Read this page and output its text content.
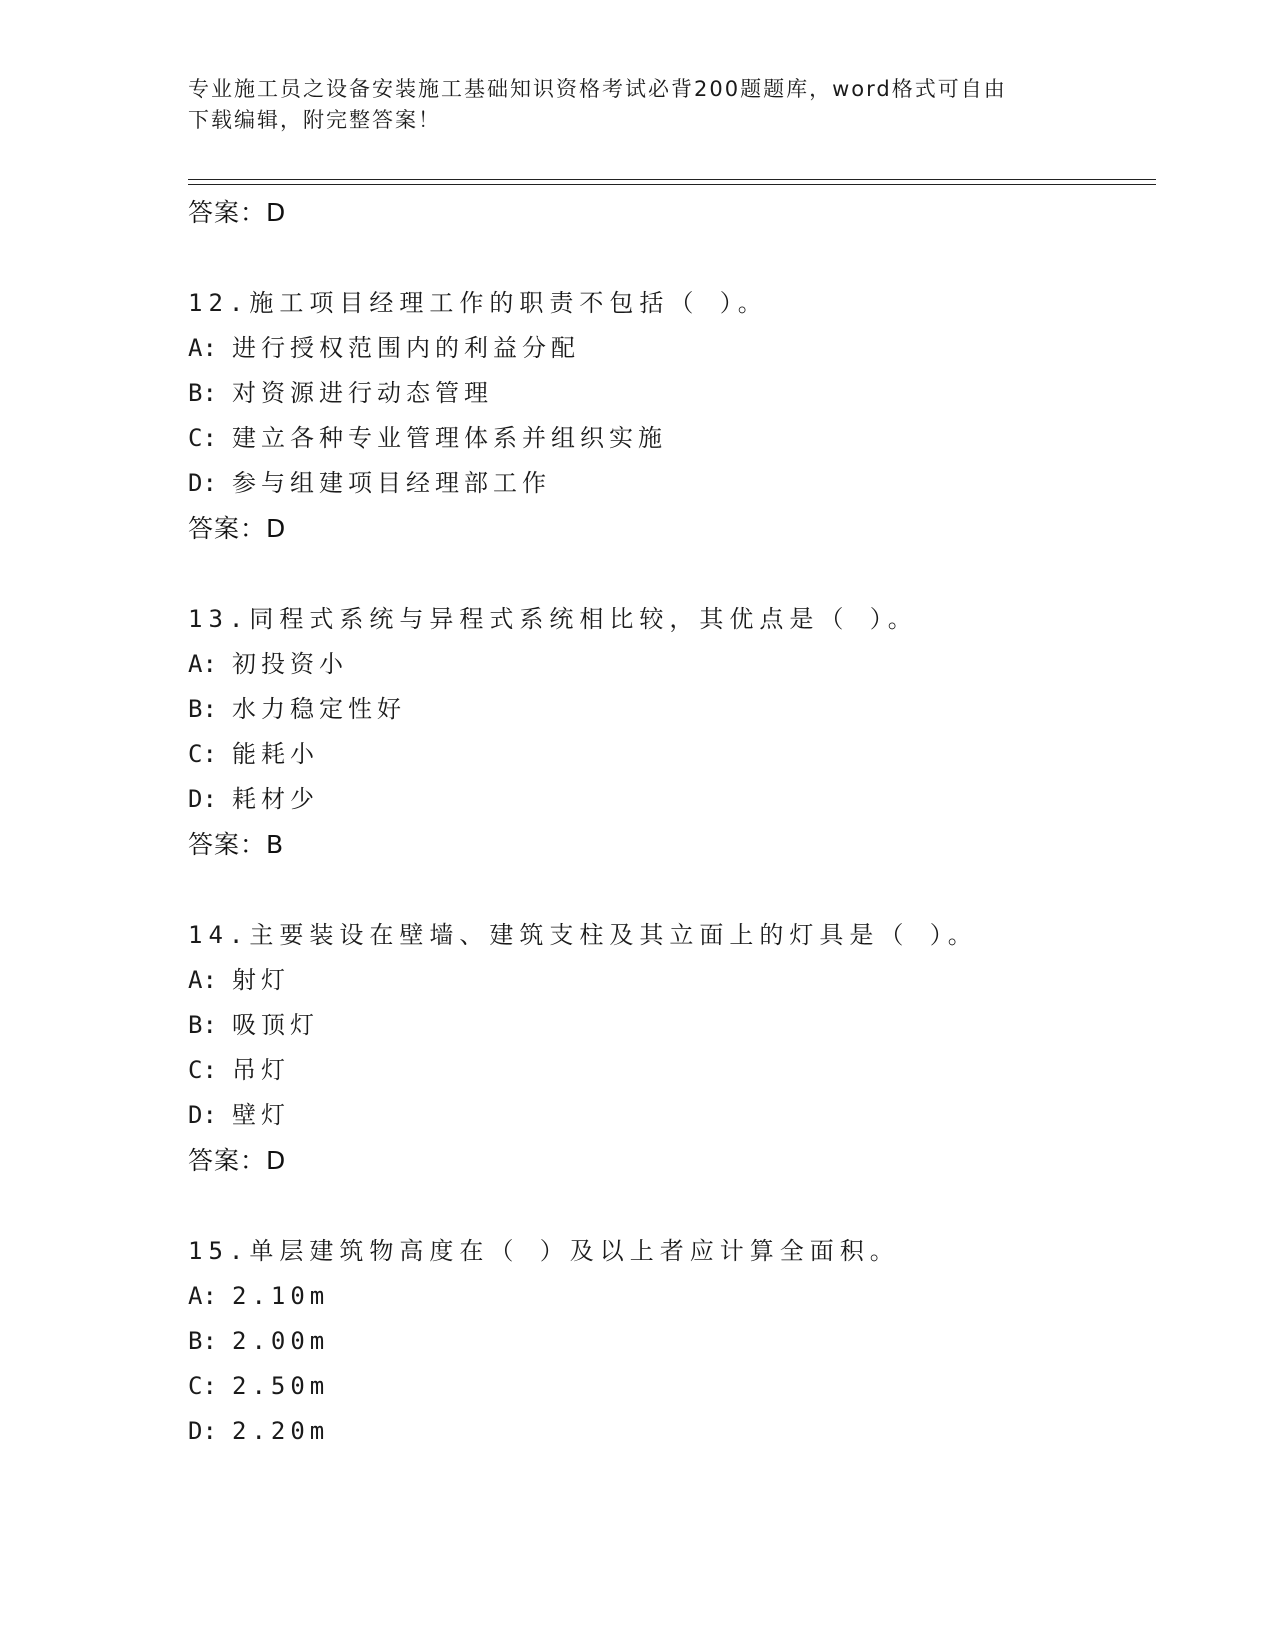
专业施工员之设备安装施工基础知识资格考试必背200题题库，word格式可自由
下载编辑，附完整答案！
答案：D
12.施工项目经理工作的职责不包括（ ）。
A: 进行授权范围内的利益分配
B: 对资源进行动态管理
C: 建立各种专业管理体系并组织实施
D: 参与组建项目经理部工作
答案：D
13.同程式系统与异程式系统相比较，其优点是（ ）。
A: 初投资小
B: 水力稳定性好
C: 能耗小
D: 耗材少
答案：B
14.主要装设在壁墙、建筑支柱及其立面上的灯具是（ ）。
A: 射灯
B: 吸顶灯
C: 吊灯
D: 壁灯
答案：D
15.单层建筑物高度在（ ）及以上者应计算全面积。
A: 2.10m
B: 2.00m
C: 2.50m
D: 2.20m
